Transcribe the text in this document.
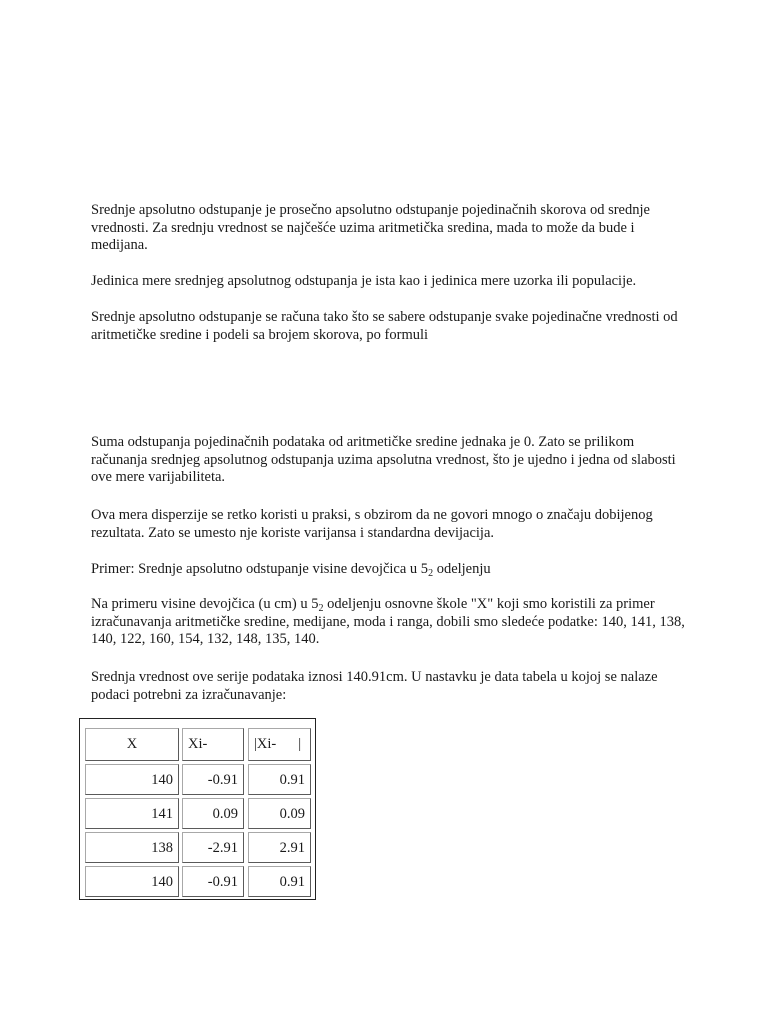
Srednje apsolutno odstupanje je prosečno apsolutno odstupanje pojedinačnih skorova od srednje vrednosti. Za srednju vrednost se najčešće uzima aritmetička sredina, mada to može da bude i medijana.

Jedinica mere srednjeg apsolutnog odstupanja je ista kao i jedinica mere uzorka ili populacije.

Srednje apsolutno odstupanje se računa tako što se sabere odstupanje svake pojedinačne vrednosti od aritmetičke sredine i podeli sa brojem skorova, po formuli

Suma odstupanja pojedinačnih podataka od aritmetičke sredine jednaka je 0. Zato se prilikom računanja srednjeg apsolutnog odstupanja uzima apsolutna vrednost, što je ujedno i jedna od slabosti ove mere varijabiliteta.

Ova mera disperzije se retko koristi u praksi, s obzirom da ne govori mnogo o značaju dobijenog rezultata. Zato se umesto nje koriste varijansa i standardna devijacija.

Primer: Srednje apsolutno odstupanje visine devojčica u $5_2$ odeljenju

Na primeru visine devojčica (u cm) u $5_2$ odeljenju osnovne škole "X" koji smo koristili za primer izračunavanja aritmetičke sredine, medijane, moda i ranga, dobili smo sledeće podatke: 140, 141, 138, 140, 122, 160, 154, 132, 148, 135, 140.

Srednja vrednost ove serije podataka iznosi 140.91cm. U nastavku je data tabela u kojoj se nalaze podaci potrebni za izračunavanje:

X	Xi-	|Xi- |
140	-0.91	0.91
141	0.09	0.09
138	-2.91	2.91
140	-0.91	0.91
